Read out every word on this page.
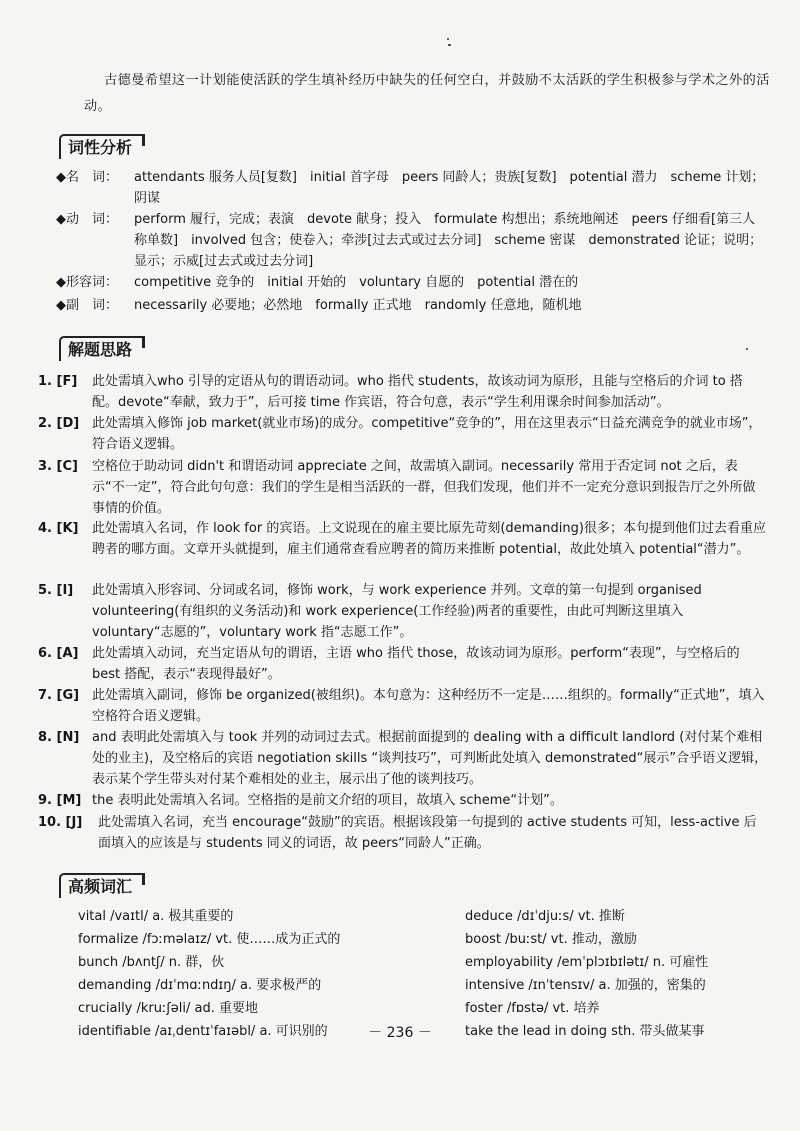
古德曼希望这一计划能使活跃的学生填补经历中缺失的任何空白，并鼓励不太活跃的学生积极参与学术之外的活动。
词性分析
◆名　词：	attendants 服务人员[复数]　initial 首字母　peers 同龄人；贵族[复数]　potential 潜力　scheme 计划；阴谋
◆动　词：	perform 履行，完成；表演　devote 献身；投入　formulate 构想出；系统地阐述　peers 仔细看[第三人称单数]　involved 包含；使卷入；牵涉[过去式或过去分词]　scheme 密谋　demonstrated 论证；说明；显示；示威[过去式或过去分词]
◆形容词：	competitive 竞争的　initial 开始的　voluntary 自愿的　potential 潜在的
◆副　词：	necessarily 必要地；必然地　formally 正式地　randomly 任意地，随机地
解题思路
1. [F]	此处需填入who 引导的定语从句的谓语动词。who 指代 students，故该动词为原形，且能与空格后的介词 to 搭配。devote“奉献，致力于”，后可接 time 作宾语，符合句意，表示“学生利用课余时间参加活动”。
2. [D] 此处需填入修饰 job market(就业市场)的成分。competitive“竞争的”，用在这里表示“日益充满竞争的就业市场”，符合语义逻辑。
3. [C]	空格位于助动词 didn't 和谓语动词 appreciate 之间，故需填入副词。necessarily 常用于否定词 not 之后，表示“不一定”，符合此句句意：我们的学生是相当活跃的一群，但我们发现，他们并不一定充分意识到报告厅之外所做事情的价值。
4. [K]	此处需填入名词，作 look for 的宾语。上文说现在的雇主要比原先苛刻(demanding)很多；本句提到他们过去看重应聘者的哪方面。文章开头就提到，雇主们通常查看应聘者的简历来推断 potential，故此处填入 potential“潜力”。
5. [I]	此处需填入形容词、分词或名词，修饰 work，与 work experience 并列。文章的第一句提到 organised volunteering(有组织的义务活动)和 work experience(工作经验)两者的重要性，由此可判断这里填入 voluntary“志愿的”，voluntary work 指“志愿工作”。
6. [A]	此处需填入动词，充当定语从句的谓语，主语 who 指代 those，故该动词为原形。perform“表现”，与空格后的 best 搭配，表示“表现得最好”。
7. [G] 此处需填入副词，修饰 be organized(被组织)。本句意为：这种经历不一定是……组织的。formally“正式地”，填入空格符合语义逻辑。
8. [N] and 表明此处需填入与 took 并列的动词过去式。根据前面提到的 dealing with a difficult landlord (对付某个难相处的业主)，及空格后的宾语 negotiation skills “谈判技巧”，可判断此处填入 demonstrated“展示”合乎语义逻辑，表示某个学生带头对付某个难相处的业主，展示出了他的谈判技巧。
9. [M] the 表明此处需填入名词。空格指的是前文介绍的项目，故填入 scheme“计划”。
10. [J]	此处需填入名词，充当 encourage“鼓励”的宾语。根据该段第一句提到的 active students 可知，less-active 后面填入的应该是与 students 同义的词语，故 peers“同龄人”正确。
高频词汇
vital /vaɪtl/ a. 极其重要的
formalize /fɔːməlaɪz/ vt. 使……成为正式的
bunch /bʌntʃ/ n. 群，伙
demanding /dɪˈmɑːndɪŋ/ a. 要求极严的
crucially /kruːʃəli/ ad. 重要地
identifiable /aɪˌdentɪˈfaɪəbl/ a. 可识别的
deduce /dɪˈdjuːs/ vt. 推断
boost /buːst/ vt. 推动，激励
employability /emˈplɔɪbɪlətɪ/ n. 可雇性
intensive /ɪnˈtensɪv/ a. 加强的，密集的
foster /fɒstə/ vt. 培养
take the lead in doing sth. 带头做某事
－ 236 －
